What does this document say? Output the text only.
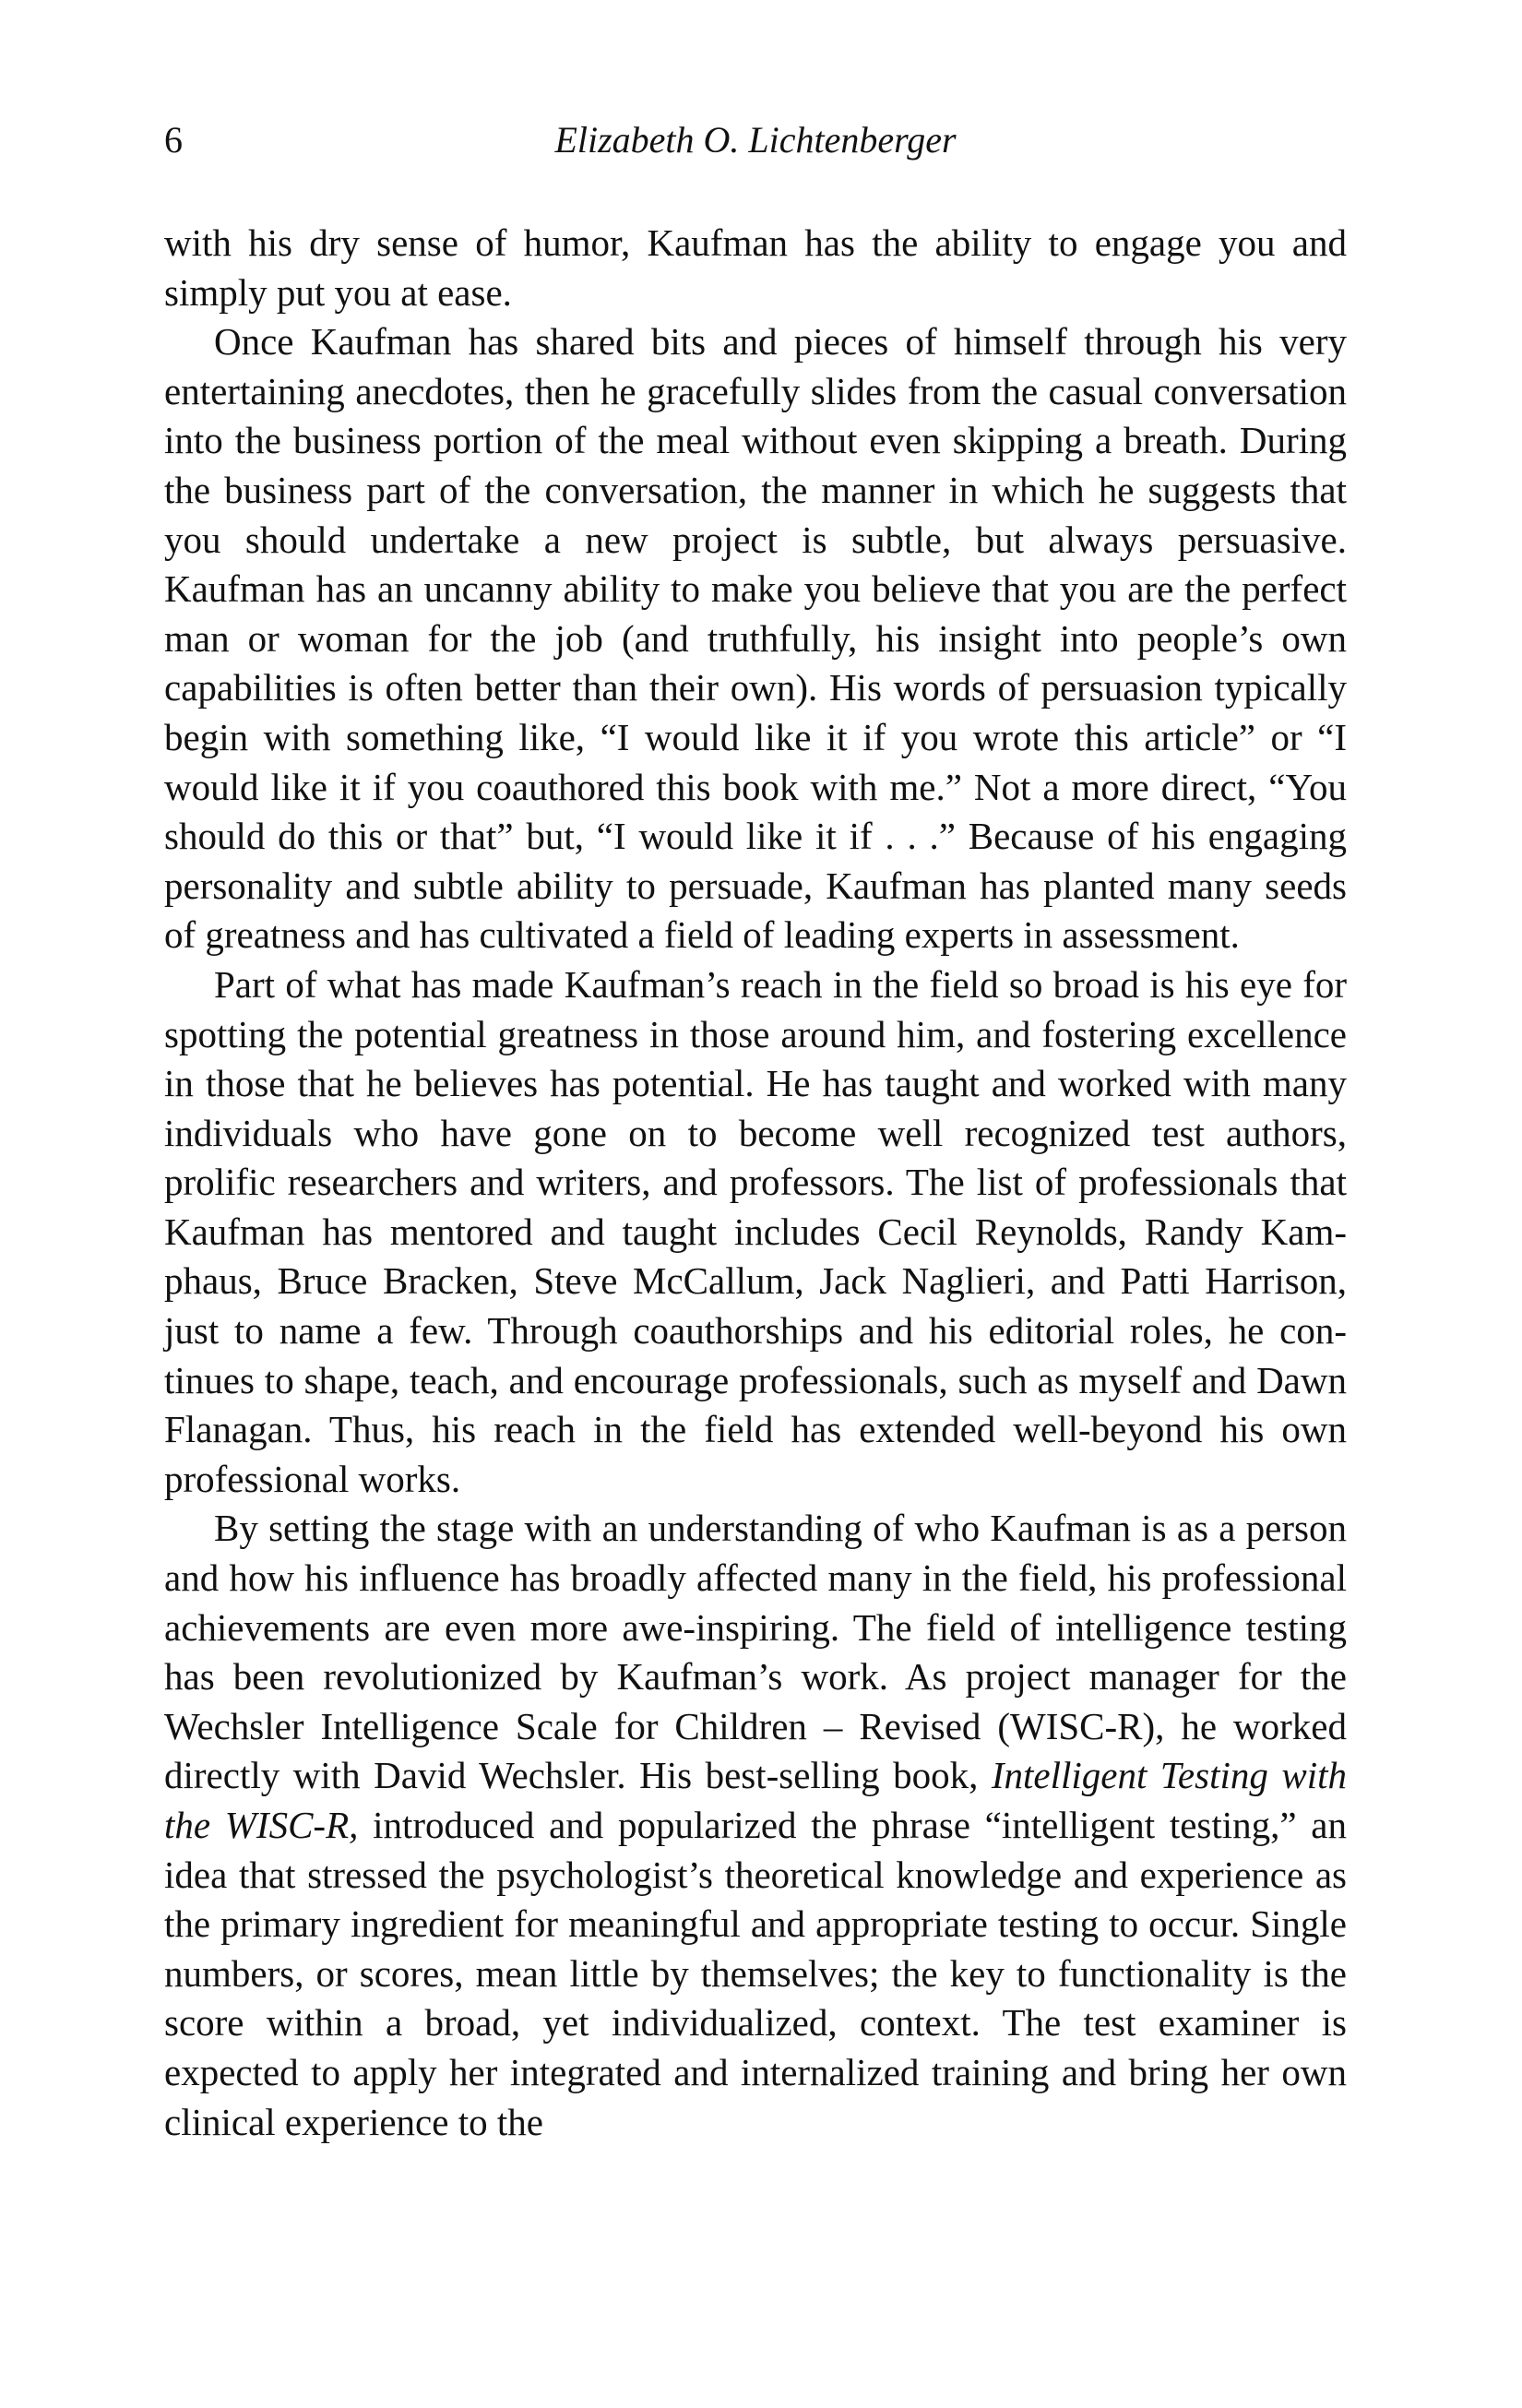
6	Elizabeth O. Lichtenberger

with his dry sense of humor, Kaufman has the ability to engage you and simply put you at ease.

Once Kaufman has shared bits and pieces of himself through his very entertaining anecdotes, then he gracefully slides from the casual conversation into the business portion of the meal without even skipping a breath. During the business part of the conversation, the manner in which he suggests that you should undertake a new project is subtle, but always persuasive. Kaufman has an uncanny ability to make you believe that you are the perfect man or woman for the job (and truthfully, his insight into people’s own capabilities is often better than their own). His words of persuasion typically begin with something like, “I would like it if you wrote this article” or “I would like it if you coauthored this book with me.” Not a more direct, “You should do this or that” but, “I would like it if . . .” Because of his engaging personality and subtle ability to persuade, Kaufman has planted many seeds of greatness and has cultivated a field of leading experts in assessment.

Part of what has made Kaufman’s reach in the field so broad is his eye for spotting the potential greatness in those around him, and fostering excellence in those that he believes has potential. He has taught and worked with many individuals who have gone on to become well recognized test authors, prolific researchers and writers, and professors. The list of professionals that Kaufman has mentored and taught includes Cecil Reynolds, Randy Kamphaus, Bruce Bracken, Steve McCallum, Jack Naglieri, and Patti Harrison, just to name a few. Through coauthorships and his editorial roles, he continues to shape, teach, and encourage professionals, such as myself and Dawn Flanagan. Thus, his reach in the field has extended well-beyond his own professional works.

By setting the stage with an understanding of who Kaufman is as a person and how his influence has broadly affected many in the field, his professional achievements are even more awe-inspiring. The field of intelligence testing has been revolutionized by Kaufman’s work. As project manager for the Wechsler Intelligence Scale for Children – Revised (WISC-R), he worked directly with David Wechsler. His best-selling book, Intelligent Testing with the WISC-R, introduced and popularized the phrase “intelligent testing,” an idea that stressed the psychologist’s theoretical knowledge and experience as the primary ingredient for meaningful and appropriate testing to occur. Single numbers, or scores, mean little by themselves; the key to functionality is the score within a broad, yet individualized, context. The test examiner is expected to apply her integrated and internalized training and bring her own clinical experience to the
